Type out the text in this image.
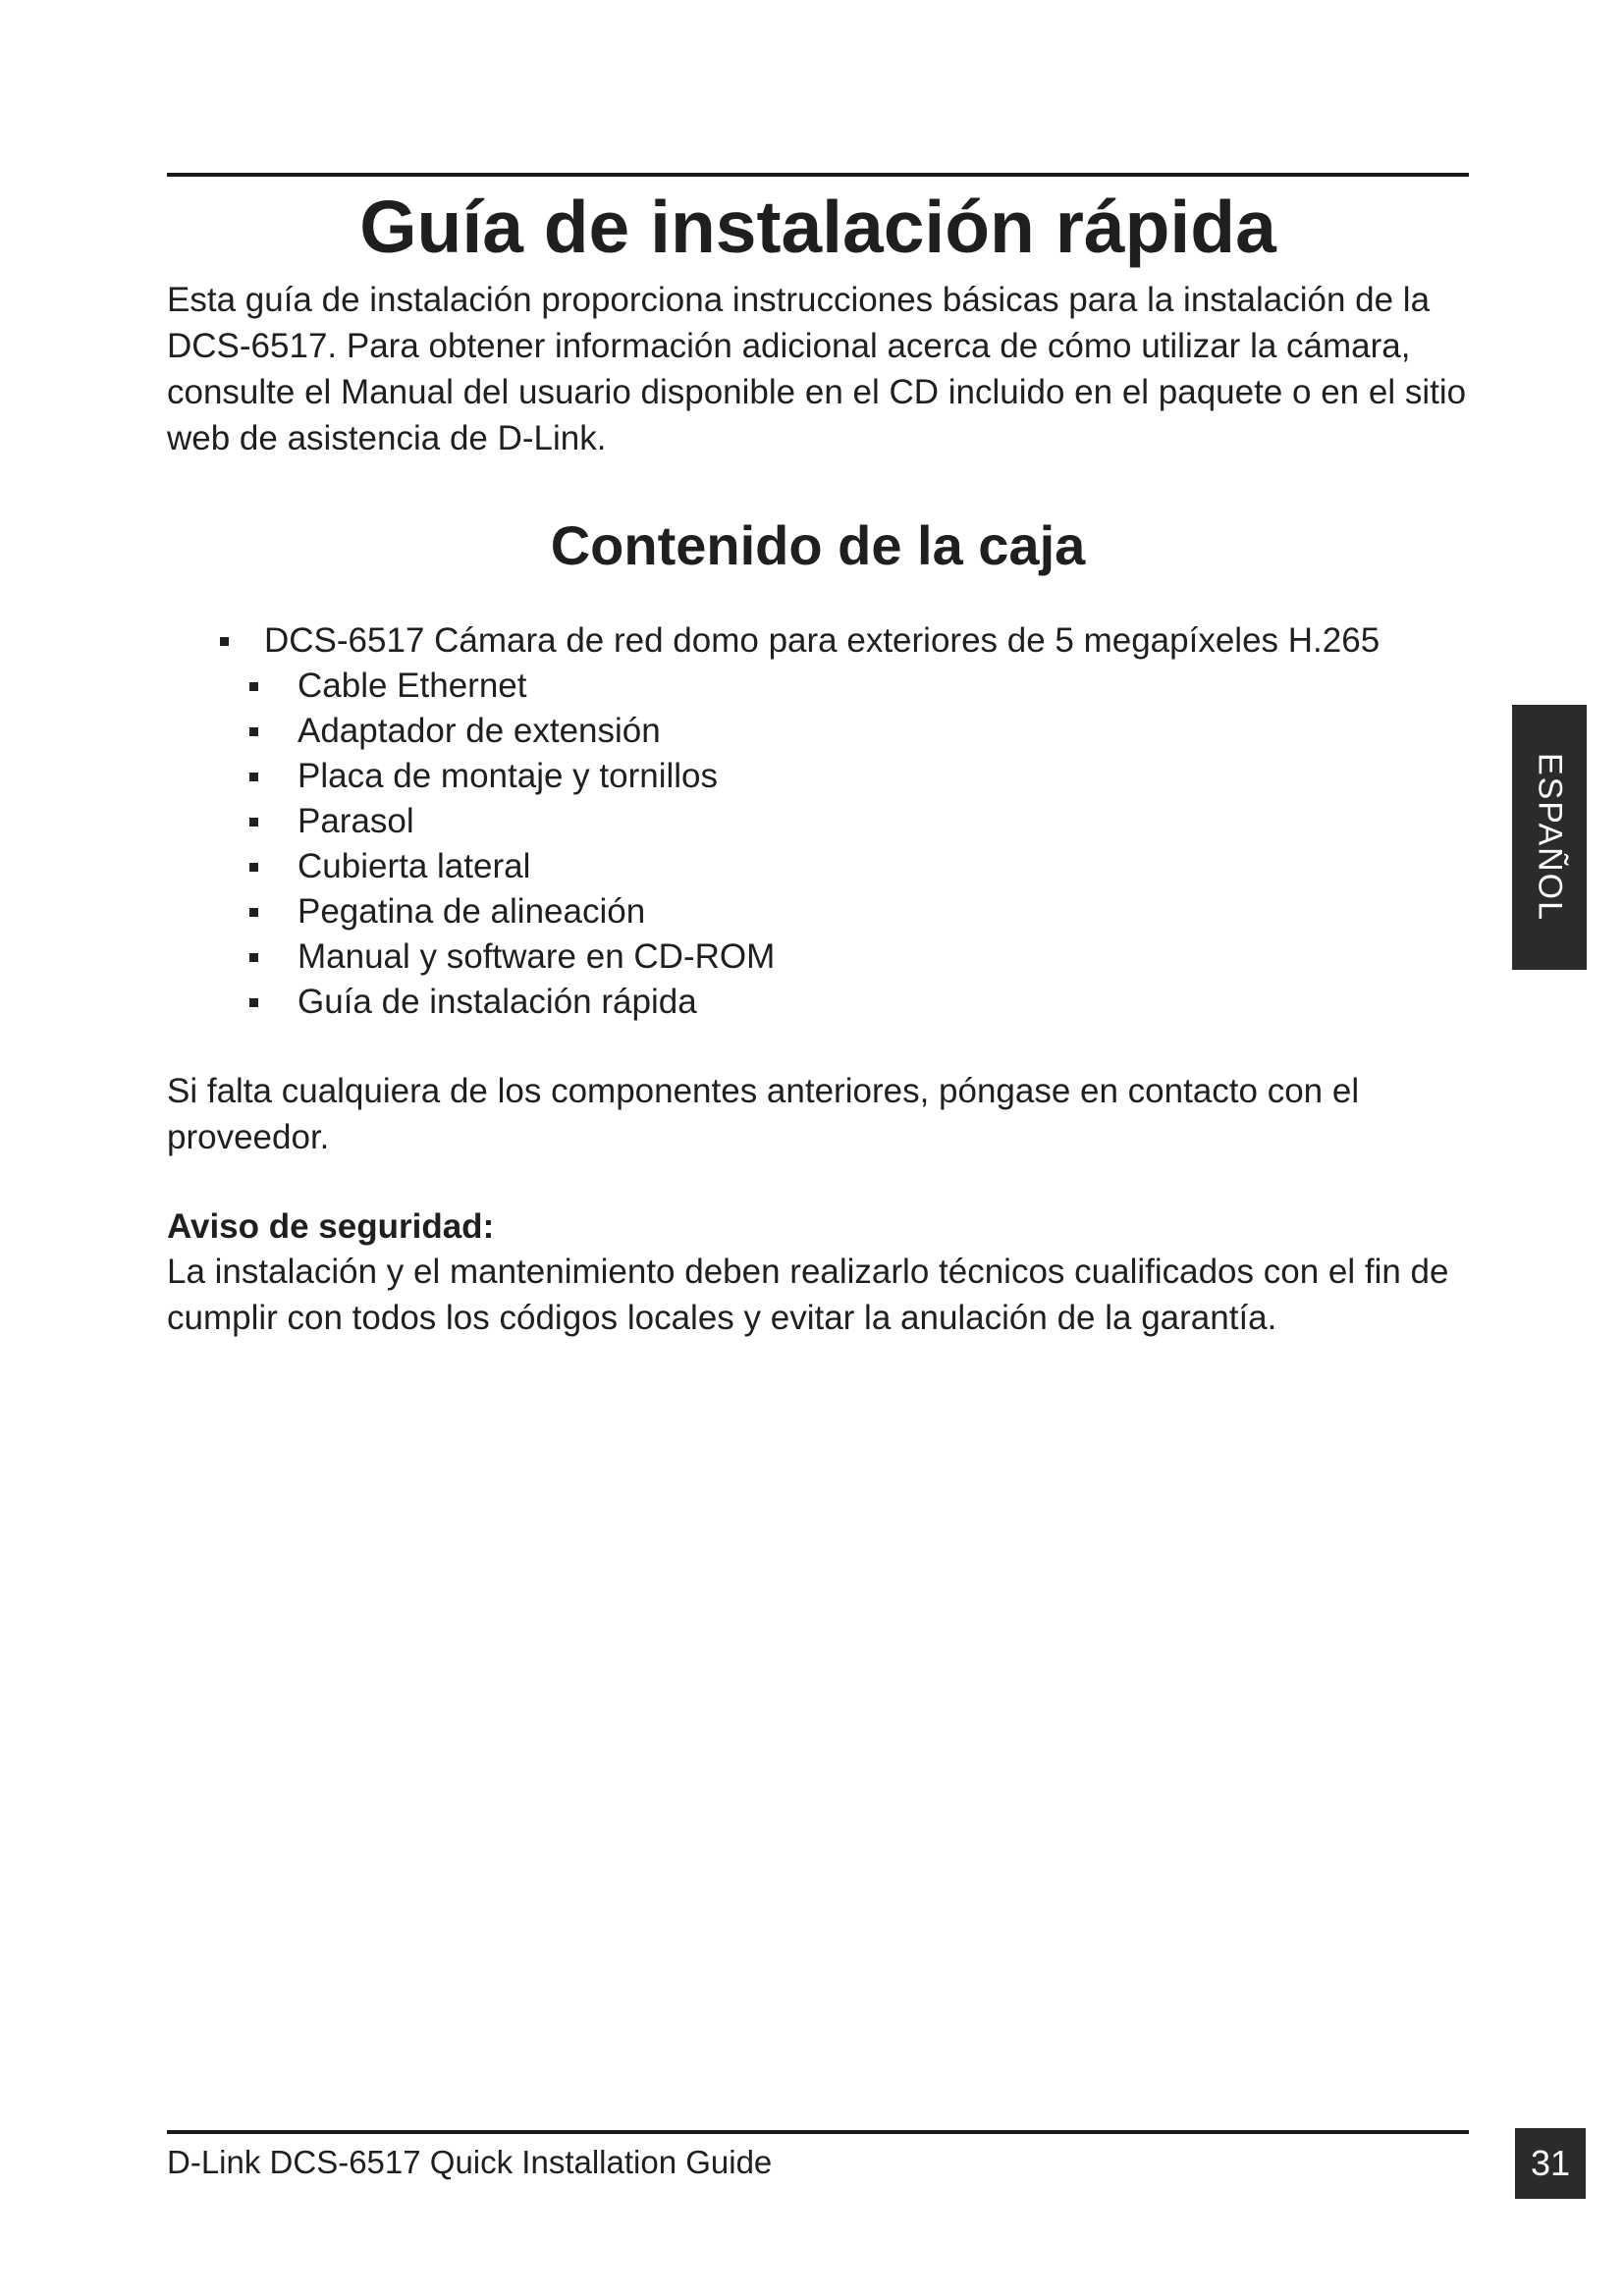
Guía de instalación rápida

Esta guía de instalación proporciona instrucciones básicas para la instalación de la DCS-6517. Para obtener información adicional acerca de cómo utilizar la cámara, consulte el Manual del usuario disponible en el CD incluido en el paquete o en el sitio web de asistencia de D-Link.

Contenido de la caja
DCS-6517 Cámara de red domo para exteriores de 5 megapíxeles H.265
Cable Ethernet
Adaptador de extensión
Placa de montaje y tornillos
Parasol
Cubierta lateral
Pegatina de alineación
Manual y software en CD-ROM
Guía de instalación rápida

Si falta cualquiera de los componentes anteriores, póngase en contacto con el proveedor.

Aviso de seguridad:

La instalación y el mantenimiento deben realizarlo técnicos cualificados con el fin de cumplir con todos los códigos locales y evitar la anulación de la garantía.

ESPAÑOL

D-Link DCS-6517 Quick Installation Guide	31
